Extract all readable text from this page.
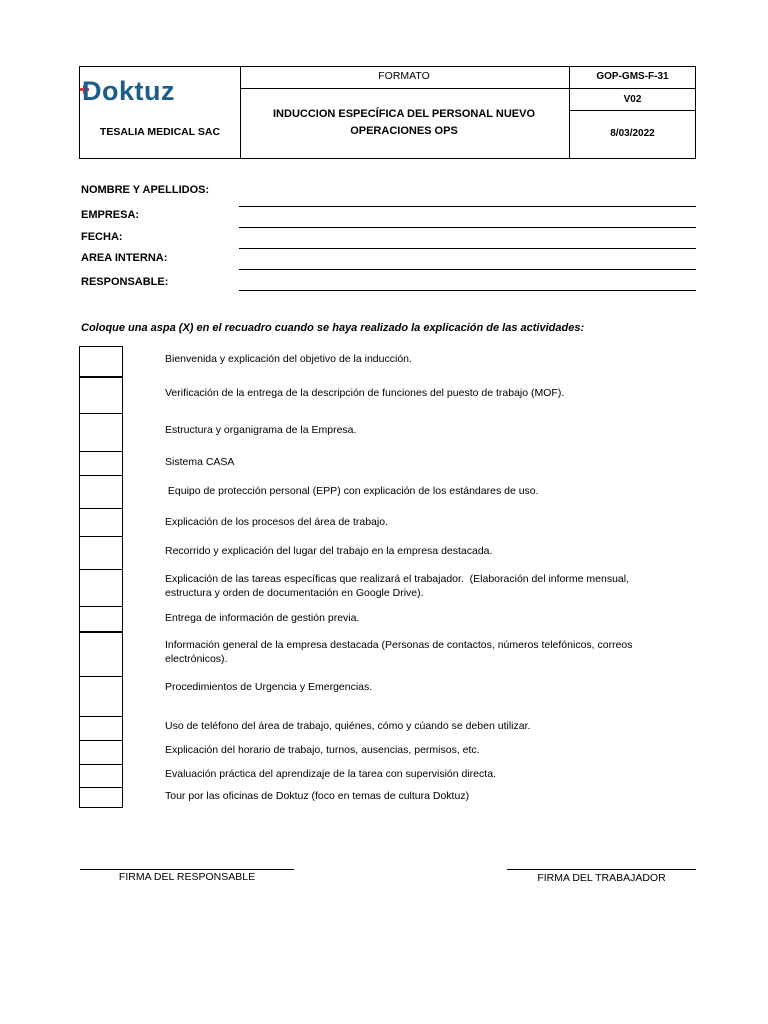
Doktuz
TESALIA MEDICAL SAC
FORMATO
INDUCCION ESPECÍFICA DEL PERSONAL NUEVO
OPERACIONES OPS
GOP-GMS-F-31
V02
8/03/2022
NOMBRE Y APELLIDOS:
EMPRESA:
FECHA:
AREA INTERNA:
RESPONSABLE:
Coloque una aspa (X) en el recuadro cuando se haya realizado la explicación de las actividades:
Bienvenida y explicación del objetivo de la inducción.
Verificación de la entrega de la descripción de funciones del puesto de trabajo (MOF).
Estructura y organigrama de la Empresa.
Sistema CASA
Equipo de protección personal (EPP) con explicación de los estándares de uso.
Explicación de los procesos del área de trabajo.
Recorrido y explicación del lugar del trabajo en la empresa destacada.
Explicación de las tareas específicas que realizará el trabajador.  (Elaboración del informe mensual,
estructura y orden de documentación en Google Drive).
Entrega de información de gestión previa.
Información general de la empresa destacada (Personas de contactos, números telefónicos, correos
electrónicos).
Procedimientos de Urgencia y Emergencias.
Uso de teléfono del área de trabajo, quiénes, cómo y cúando se deben utilizar.
Explicación del horario de trabajo, turnos, ausencias, permisos, etc.
Evaluación práctica del aprendizaje de la tarea con supervisión directa.
Tour por las oficinas de Doktuz (foco en temas de cultura Doktuz)
FIRMA DEL RESPONSABLE	FIRMA DEL TRABAJADOR
